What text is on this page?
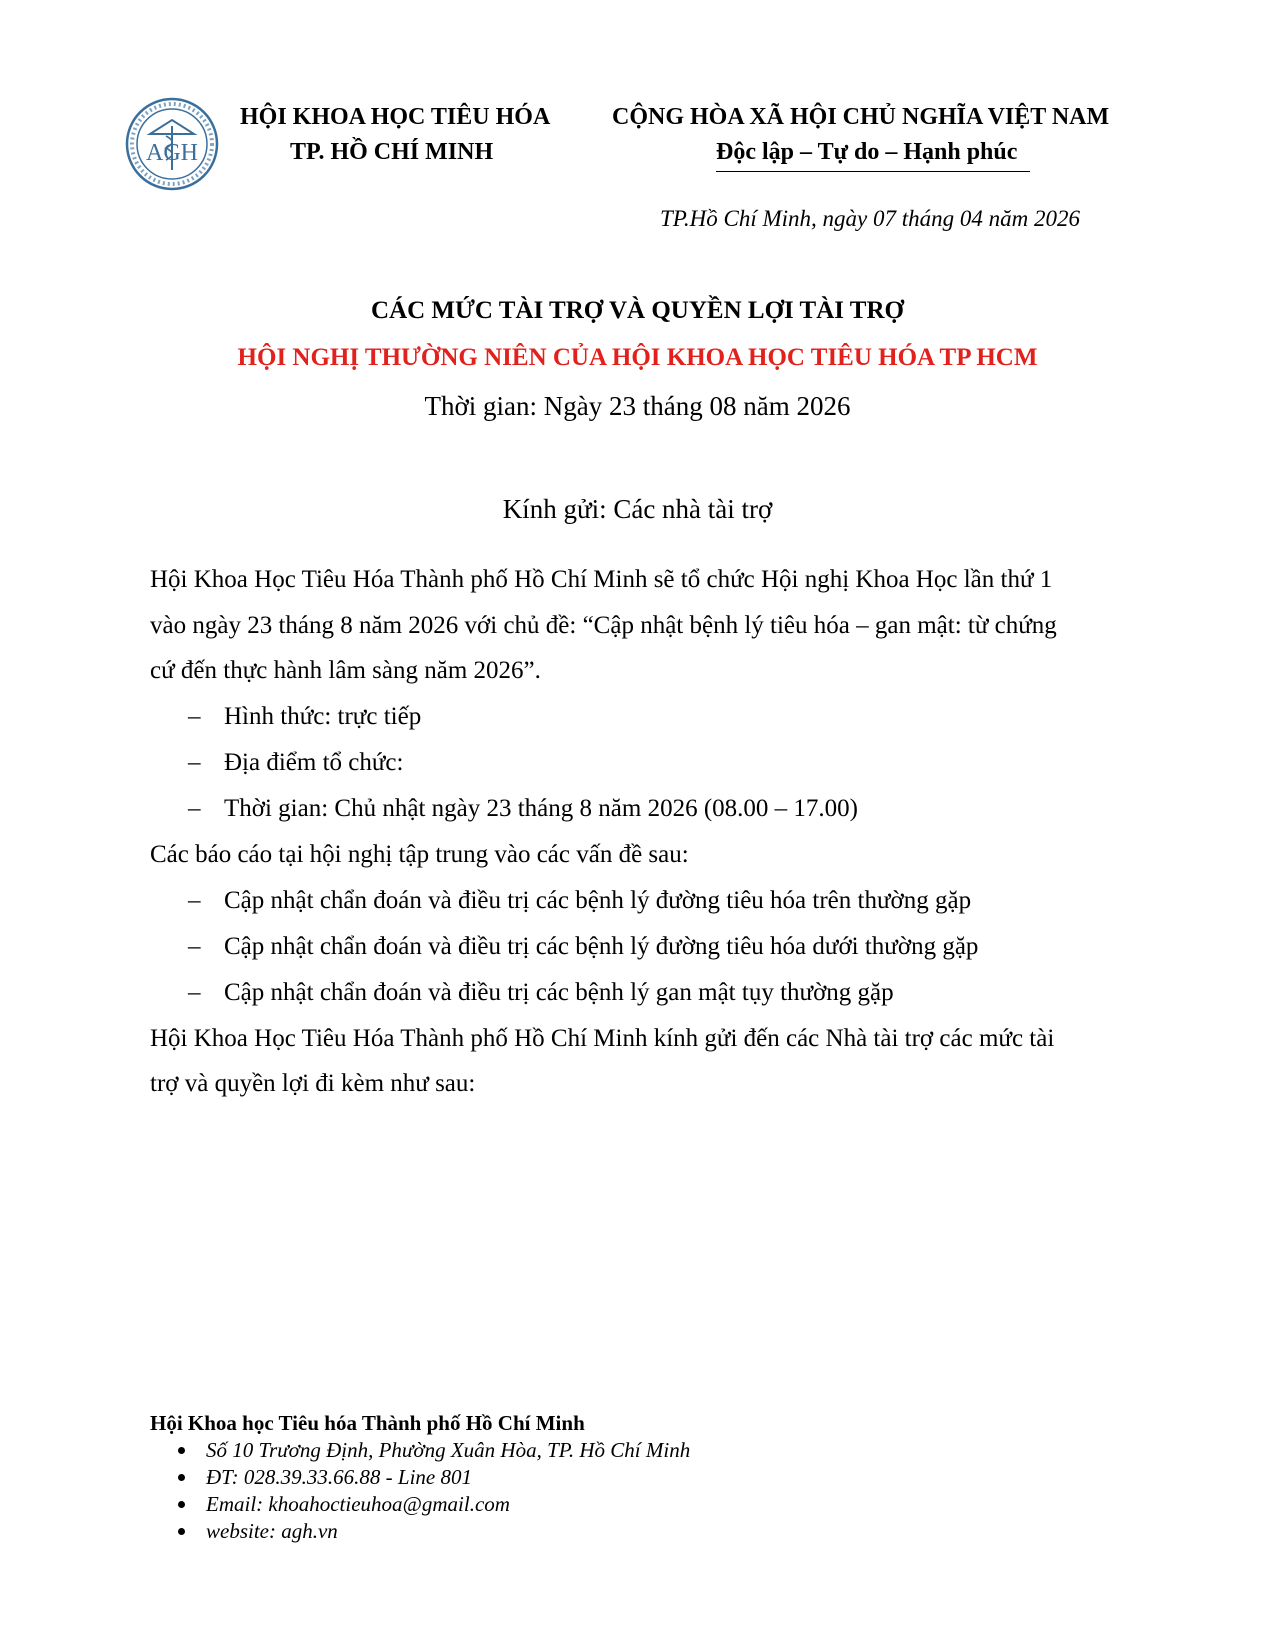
AGH
HỘI KHOA HỌC TIÊU HÓA
TP. HỒ CHÍ MINH
CỘNG HÒA XÃ HỘI CHỦ NGHĨA VIỆT NAM
Độc lập – Tự do – Hạnh phúc
TP.Hồ Chí Minh, ngày 07 tháng 04 năm 2026
CÁC MỨC TÀI TRỢ VÀ QUYỀN LỢI TÀI TRỢ
HỘI NGHỊ THƯỜNG NIÊN CỦA HỘI KHOA HỌC TIÊU HÓA TP HCM
Thời gian: Ngày 23 tháng 08 năm 2026
Kính gửi: Các nhà tài trợ
Hội Khoa Học Tiêu Hóa Thành phố Hồ Chí Minh sẽ tổ chức Hội nghị Khoa Học lần thứ 1
vào ngày 23 tháng 8 năm 2026 với chủ đề: “Cập nhật bệnh lý tiêu hóa – gan mật: từ chứng
cứ đến thực hành lâm sàng năm 2026”.
– Hình thức: trực tiếp
– Địa điểm tổ chức:
– Thời gian: Chủ nhật ngày 23 tháng 8 năm 2026 (08.00 – 17.00)
Các báo cáo tại hội nghị tập trung vào các vấn đề sau:
– Cập nhật chẩn đoán và điều trị các bệnh lý đường tiêu hóa trên thường gặp
– Cập nhật chẩn đoán và điều trị các bệnh lý đường tiêu hóa dưới thường gặp
– Cập nhật chẩn đoán và điều trị các bệnh lý gan mật tụy thường gặp
Hội Khoa Học Tiêu Hóa Thành phố Hồ Chí Minh kính gửi đến các Nhà tài trợ các mức tài
trợ và quyền lợi đi kèm như sau:
Hội Khoa học Tiêu hóa Thành phố Hồ Chí Minh
Số 10 Trương Định, Phường Xuân Hòa, TP. Hồ Chí Minh
ĐT: 028.39.33.66.88 - Line 801
Email: khoahoctieuhoa@gmail.com
website: agh.vn
